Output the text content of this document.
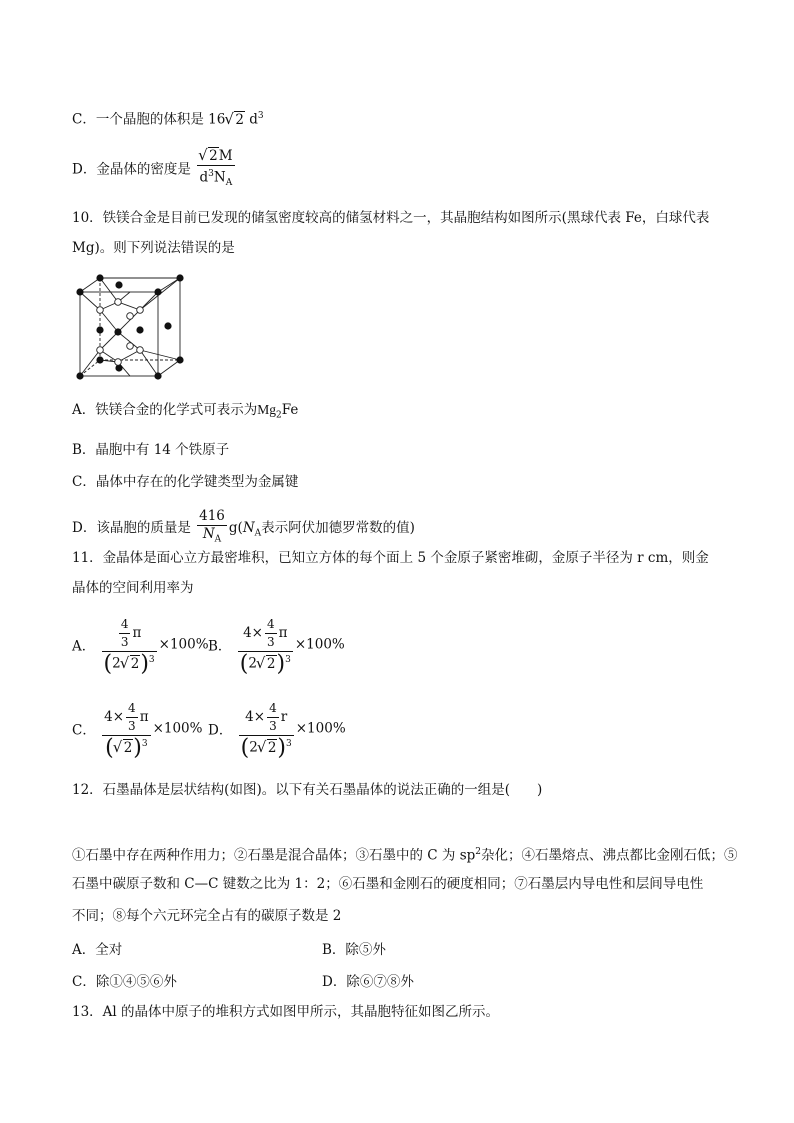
C．一个晶胞的体积是 16 √ 2 $d^3$
D．金晶体的密度是 √ $\frac{2M}{d^3N_A}$
10．铁镁合金是目前已发现的储氢密度较高的储氢材料之一，其晶胞结构如图所示(黑球代表 Fe，白球代表
Mg)。则下列说法错误的是
A．铁镁合金的化学式可表示为$Mg_2Fe$
B．晶胞中有 14 个铁原子
C．晶体中存在的化学键类型为金属键
D．该晶胞的质量是 $\frac{416}{N_A} g(N_A$表示阿伏加德罗常数的值)
11．金晶体是面心立方最密堆积，已知立方体的每个面上 5 个金原子紧密堆砌，金原子半径为 r cm，则金
晶体的空间利用率为
A． $\frac{\frac{4}{3} \pi}{(2 √ 2)^3} \times 100\%$ B． $\frac{4\times \frac{4}{3} \pi}{(2 √ 2)^3} \times 100\%$
C． $\frac{4\times \frac{4}{3} \pi}{( √ 2)^3} \times 100\%$ D． $\frac{4\times \frac{4}{3} r}{(2 √ 2)^3} \times 100\%$
12．石墨晶体是层状结构(如图)。以下有关石墨晶体的说法正确的一组是(　　)
①石墨中存在两种作用力；②石墨是混合晶体；③石墨中的 C 为 $sp^2$杂化；④石墨熔点、沸点都比金刚石低；⑤
石墨中碳原子数和 C—C 键数之比为 1：2；⑥石墨和金刚石的硬度相同；⑦石墨层内导电性和层间导电性
不同；⑧每个六元环完全占有的碳原子数是 2
A．全对	B．除⑤外
C．除①④⑤⑥外	D．除⑥⑦⑧外
13．Al 的晶体中原子的堆积方式如图甲所示，其晶胞特征如图乙所示。
